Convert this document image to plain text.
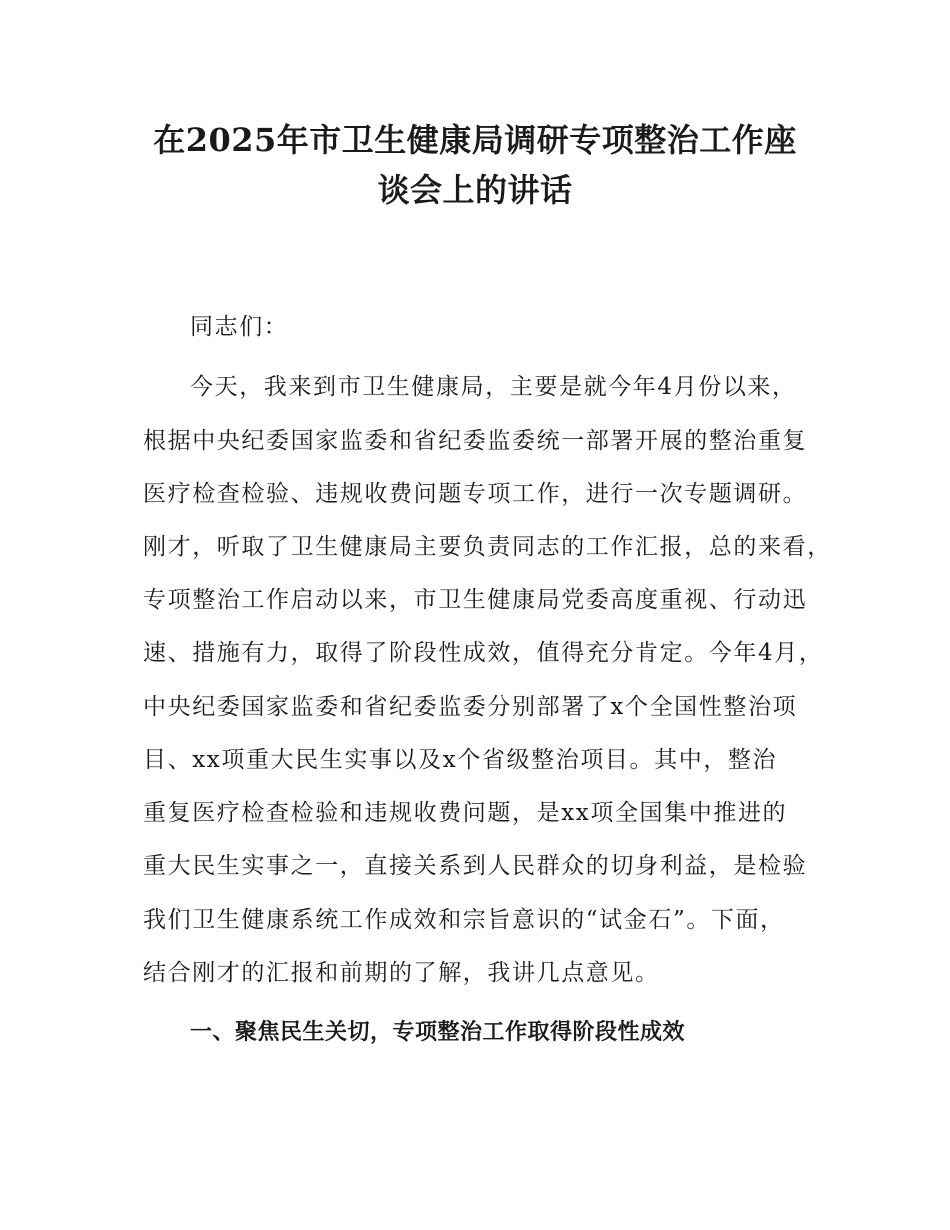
在2025年市卫生健康局调研专项整治工作座
谈会上的讲话
同志们：
今天，我来到市卫生健康局，主要是就今年4月份以来，
根据中央纪委国家监委和省纪委监委统一部署开展的整治重复
医疗检查检验、违规收费问题专项工作，进行一次专题调研。
刚才，听取了卫生健康局主要负责同志的工作汇报，总的来看，
专项整治工作启动以来，市卫生健康局党委高度重视、行动迅
速、措施有力，取得了阶段性成效，值得充分肯定。今年4月，
中央纪委国家监委和省纪委监委分别部署了x个全国性整治项
目、xx项重大民生实事以及x个省级整治项目。其中，整治
重复医疗检查检验和违规收费问题，是xx项全国集中推进的
重大民生实事之一，直接关系到人民群众的切身利益，是检验
我们卫生健康系统工作成效和宗旨意识的“试金石”。下面，
结合刚才的汇报和前期的了解，我讲几点意见。
一、聚焦民生关切，专项整治工作取得阶段性成效
